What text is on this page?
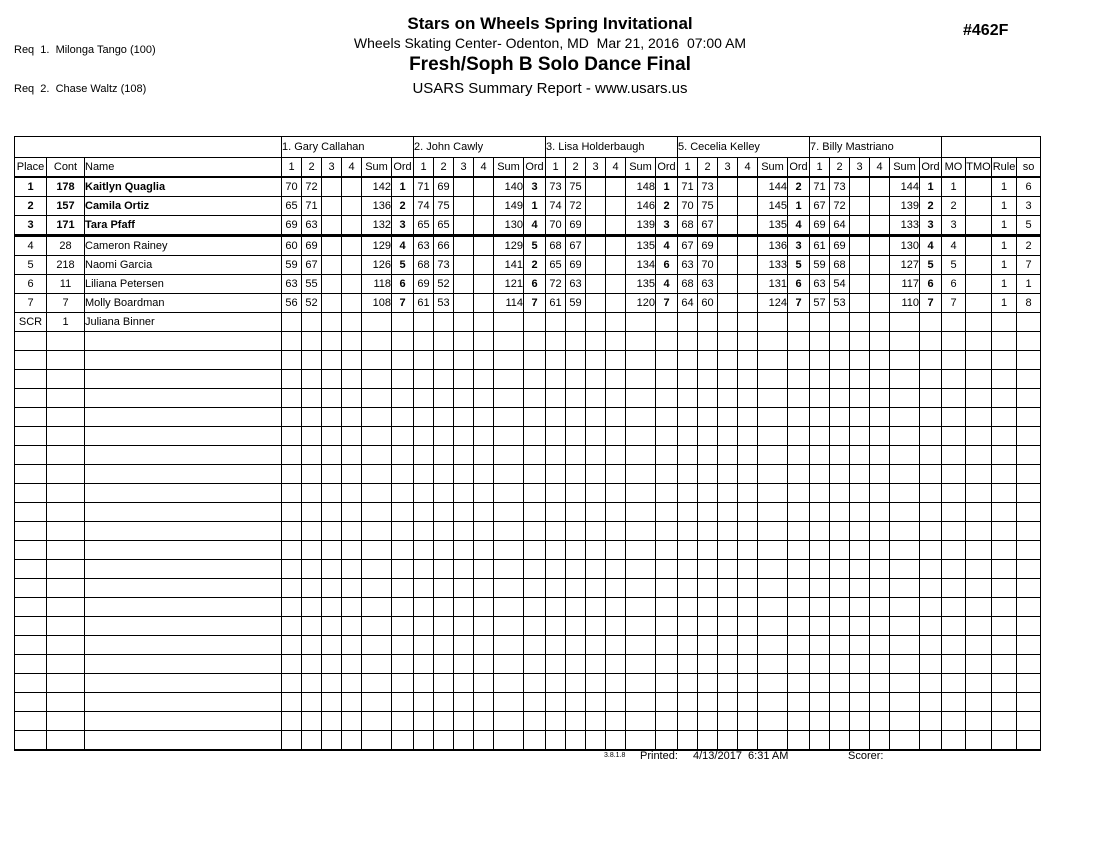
Req  1.  Milonga Tango (100)

Req  2.  Chase Waltz (108)

Stars on Wheels Spring Invitational
Wheels Skating Center- Odenton, MD  Mar 21, 2016  07:00 AM
Fresh/Soph B Solo Dance Final
USARS Summary Report - www.usars.us
#462F
			1. Gary Callahan						2. John Cawly						3. Lisa Holderbaugh						5. Cecelia Kelley						7. Billy Mastriano									
Place	Cont	Name	1	2	3	4	Sum	Ord	1	2	3	4	Sum	Ord	1	2	3	4	Sum	Ord	1	2	3	4	Sum	Ord	1	2	3	4	Sum	Ord	MO	TMO	Rule	so
1	178	Kaitlyn Quaglia	70	72			142	1	71	69			140	3	73	75			148	1	71	73			144	2	71	73			144	1	1		1	6
2	157	Camila Ortiz	65	71			136	2	74	75			149	1	74	72			146	2	70	75			145	1	67	72			139	2	2		1	3
3	171	Tara Pfaff	69	63			132	3	65	65			130	4	70	69			139	3	68	67			135	4	69	64			133	3	3		1	5
4	28	Cameron Rainey	60	69			129	4	63	66			129	5	68	67			135	4	67	69			136	3	61	69			130	4	4		1	2
5	218	Naomi Garcia	59	67			126	5	68	73			141	2	65	69			134	6	63	70			133	5	59	68			127	5	5		1	7
6	11	Liliana Petersen	63	55			118	6	69	52			121	6	72	63			135	4	68	63			131	6	63	54			117	6	6		1	1
7	7	Molly Boardman	56	52			108	7	61	53			114	7	61	59			120	7	64	60			124	7	57	53			110	7	7		1	8
SCR	1	Juliana Binner																																		

3.8.1.8 Printed: 4/13/2017  6:31 AM	Scorer:
